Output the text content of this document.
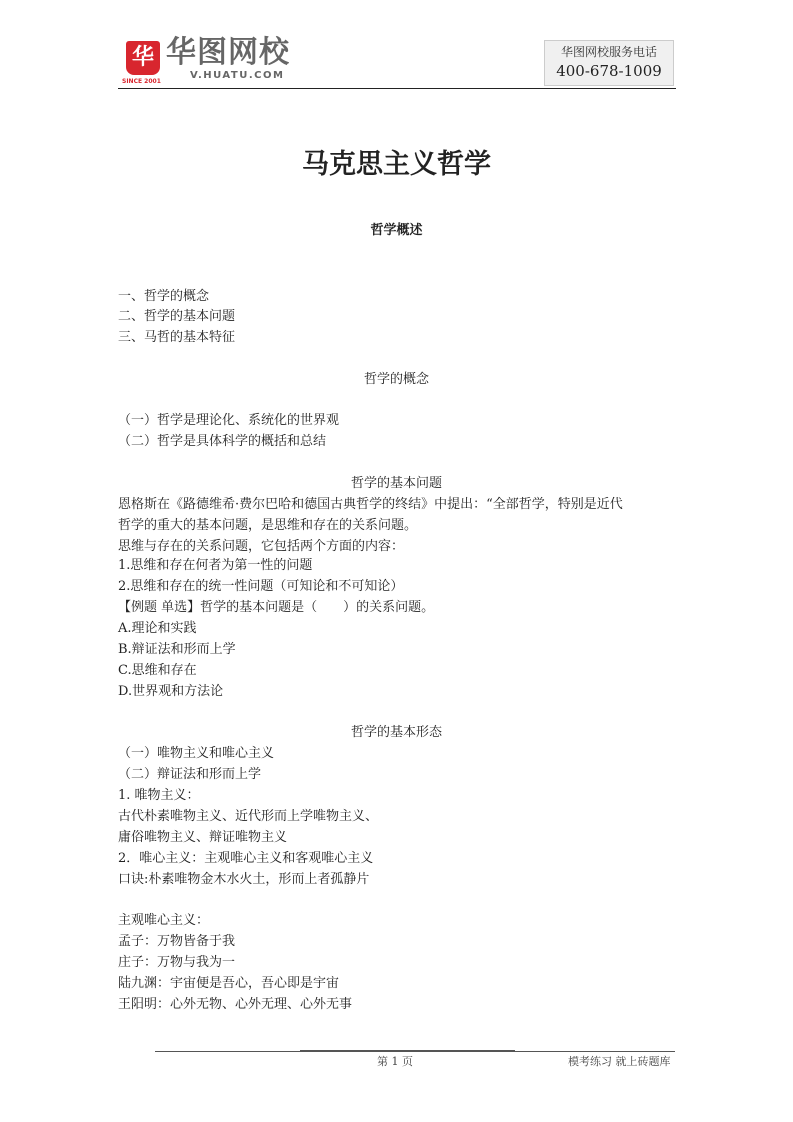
华
SINCE 2001
华图网校
V.HUATU.COM
华图网校服务电话
400-678-1009
马克思主义哲学
哲学概述
一、哲学的概念
二、哲学的基本问题
三、马哲的基本特征
哲学的概念
（一）哲学是理论化、系统化的世界观
（二）哲学是具体科学的概括和总结
哲学的基本问题
恩格斯在《路德维希·费尔巴哈和德国古典哲学的终结》中提出：“全部哲学，特别是近代
哲学的重大的基本问题，是思维和存在的关系问题。
思维与存在的关系问题，它包括两个方面的内容：
1.思维和存在何者为第一性的问题
2.思维和存在的统一性问题（可知论和不可知论）
【例题 单选】哲学的基本问题是（　　）的关系问题。
A.理论和实践
B.辩证法和形而上学
C.思维和存在
D.世界观和方法论
哲学的基本形态
（一）唯物主义和唯心主义
（二）辩证法和形而上学
1. 唯物主义：
古代朴素唯物主义、近代形而上学唯物主义、
庸俗唯物主义、辩证唯物主义
2．唯心主义：主观唯心主义和客观唯心主义
口诀:朴素唯物金木水火土，形而上者孤静片
主观唯心主义：
孟子：万物皆备于我
庄子：万物与我为一
陆九渊：宇宙便是吾心，吾心即是宇宙
王阳明：心外无物、心外无理、心外无事
第 1 页	模考练习 就上砖题库
